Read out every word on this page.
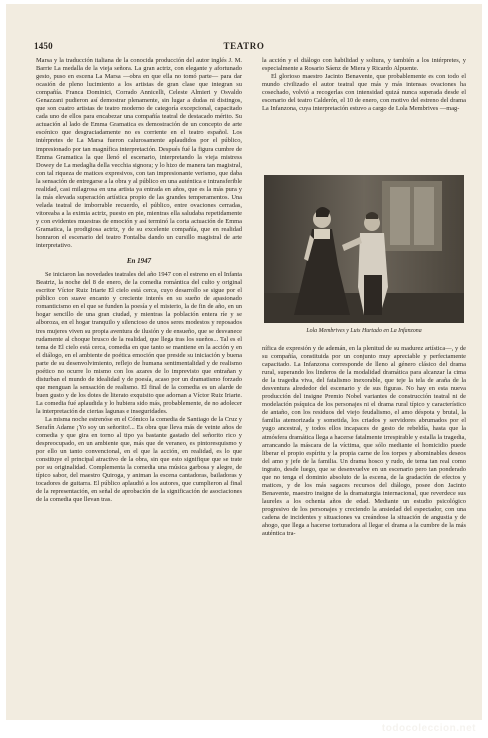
1450	TEATRO

Marsa y la traducción italiana de la conocida producción del autor inglés J. M. Barrie La medalla de la vieja señora. La gran actriz, con elegante y afortunado gesto, puso en escena La Marsa —obra en que ella no tomó parte— para dar ocasión de pleno lucimiento a los artistas de gran clase que integran su compañía. Franca Dominici, Corrado Annicelli, Celeste Almieri y Osvaldo Genazzani pudieron así demostrar plenamente, sin lugar a dudas ni distingos, que son cuatro artistas de teatro moderno de categoría excepcional, capacitado cada uno de ellos para encabezar una compañía teatral de destacado mérito. Su actuación al lado de Emma Gramatica es demostración de un concepto de arte escénico que desgraciadamente no es corriente en el teatro español. Los intérpretes de La Marsa fueron calurosamente aplaudidos por el público, impresionado por tan magnífica interpretación. Después fué la figura cumbre de Emma Gramatica la que llenó el escenario, interpretando la vieja mistress Dowey de La medaglia della vecchia signora; y lo hizo de manera tan magistral, con tal riqueza de matices expresivos, con tan impresionante verismo, que daba la sensación de entregarse a la obra y al público en una auténtica e intransferible realidad, casi milagrosa en una artista ya entrada en años, que es la más pura y la más elevada superación artística propio de las grandes temperamentos. Una velada teatral de imborrable recuerdo, el público, entre ovaciones cerradas, vitoreaba a la eximia actriz, puesto en pie, mientras ella saludaba repetidamente y con evidentes muestras de emoción y así terminó la corta actuación de Emma Gramatica, la prodigiosa actriz, y de su excelente compañía, que en realidad honraron el escenario del teatro Fontalba dando un cursillo magistral de arte interpretativo.

En 1947

Se iniciaron las novedades teatrales del año 1947 con el estreno en el Infanta Beatriz, la noche del 8 de enero, de la comedia romántica del culto y original escritor Víctor Ruiz Iriarte El cielo está cerca, cuyo desarrollo se sigue por el público con suave encanto y creciente interés en su sueño de apasionado romanticismo en el que se funden la poesía y el misterio, la de fin de año, en un hogar sencillo de una gran ciudad, y mientras la población entera ríe y se alboroza, en el hogar tranquilo y silencioso de unos seres modestos y reposados tres mujeres viven su propia aventura de ilusión y de ensueño, que se desvanece rudamente al choque brusco de la realidad, que llega tras los sueños... Tal es el tema de El cielo está cerca, comedia en que tanto se mantiene en la acción y en el diálogo, en el ambiente de poética emoción que preside su iniciación y buena parte de su desenvolvimiento, reflejo de humana sentimentalidad y de realismo poético no ocurre lo mismo con los azares de lo imprevisto que entrañan y disturban el mundo de idealidad y de poesía, acaso por un dramatismo forzado que menguan la sensación de realismo. El final de la comedia es un alarde de buen gusto y de los dotes de literato exquisito que adornan a Víctor Ruiz Iriarte. La comedia fué aplaudida y lo hubiera sido más, probablemente, de no adolecer la interpretación de ciertas lagunas e inseguridades.

La misma noche estrenóse en el Cómico la comedia de Santiago de la Cruz y Serafín Adame ¡Yo soy un señorito!... Es obra que lleva más de veinte años de comedia y que gira en torno al tipo ya bastante gastado del señorito rico y despreocupado, en un ambiente que, más que de veraneo, es pintoresquismo y por ello un tanto convencional, en el que la acción, en realidad, es lo que constituye el principal atractivo de la obra, sin que esto signifique que se trate por su originalidad. Complementa la comedia una música garbosa y alegre, de típico sabor, del maestro Quiroga, y animan la escena cantadoras, bailadoras y tocadores de guitarra. El público aplaudió a los autores, que cumplieron al final de la representación, en señal de aprobación de la significación de asociaciones de la comedia que llevan tras.

la acción y el diálogo con habilidad y soltura, y también a los intérpretes, y especialmente a Rosario Sáenz de Miera y Ricardo Alpuente.

El glorioso maestro Jacinto Benavente, que probablemente es con todo el mundo civilizado el autor teatral que más y más intensas ovaciones ha cosechado, volvió a recogerlas con intensidad quizá nunca superada desde el escenario del teatro Calderón, el 10 de enero, con motivo del estreno del drama La Infanzona, cuya interpretación estuvo a cargo de Lola Membrives —mag-

Lola Membrives y Luis Hurtado en La Infanzona

nífica de expresión y de ademán, en la plenitud de su madurez artística—, y de su compañía, constituida por un conjunto muy apreciable y perfectamente capacitado. La Infanzona corresponde de lleno al género clásico del drama rural, superando los linderos de la modalidad dramática para alcanzar la cima de la tragedia viva, del fatalismo inexorable, que teje la tela de araña de la desventura alrededor del escenario y de sus figuras. No hay en esta nueva producción del insigne Premio Nobel variantes de construcción teatral ni de modelación psíquica de los personajes ni el drama rural típico y característico de antaño, con los residuos del viejo feudalismo, el amo déspota y brutal, la familia atemorizada y sometida, los criados y servidores abrumados por el yugo ancestral, y todos ellos incapaces de gesto de rebeldía, hasta que la atmósfera dramática llega a hacerse fatalmente irrespirable y estalla la tragedia, arrancando la máscara de la víctima, que sólo mediante el homicidio puede liberar el propio espíritu y la propia carne de los torpes y abominables deseos del amo y jefe de la familia. Un drama hosco y rudo, de tema tan real como ingrato, desde luego, que se desenvuelve en un escenario pero tan ponderado que no tenga el dominio absoluto de la escena, de la gradación de efectos y matices, y de los más sagaces recursos del diálogo, posee don Jacinto Benavente, maestro insigne de la dramaturgia internacional, que reverdece sus laureles a los ochenta años de edad. Mediante un estudio psicológico progresivo de los personajes y creciendo la ansiedad del espectador, con una cadena de incidentes y situaciones va creándose la situación de angustia y de ahogo, que llega a hacerse torturadora al llegar el drama a la cumbre de la más auténtica tra-

todocoleccion.net
